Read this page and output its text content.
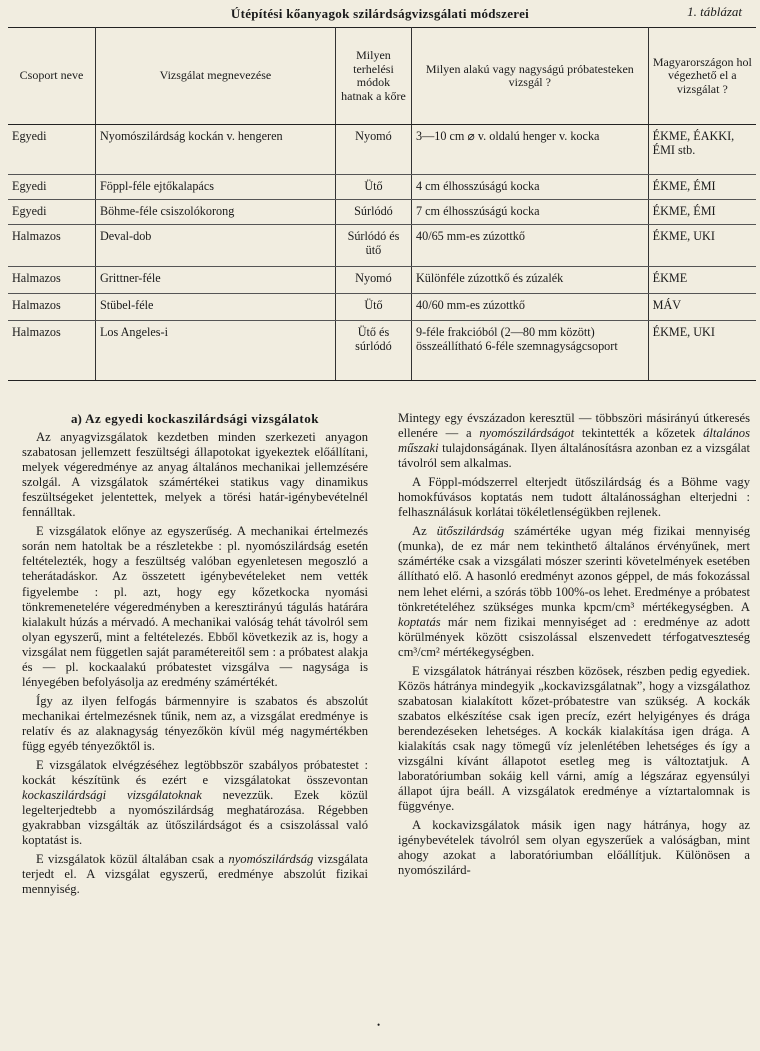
Útépítési kőanyagok szilárdságvizsgálati módszerei	1. táblázat
Csoport neve	Vizsgálat megnevezése	Milyen terhelési módok hatnak a kőre	Milyen alakú vagy nagyságú próbatesteken vizsgál ?	Magyarországon hol végezhető el a vizsgálat ?
Egyedi	Nyomószilárdság kockán v. hengeren	Nyomó	3—10 cm ⌀ v. oldalú henger v. kocka	ÉKME, ÉAKKI, ÉMI stb.
Egyedi	Föppl-féle ejtőkalapács	Ütő	4 cm élhosszúságú kocka	ÉKME, ÉMI
Egyedi	Böhme-féle csiszolókorong	Súrlódó	7 cm élhosszúságú kocka	ÉKME, ÉMI
Halmazos	Deval-dob	Súrlódó és ütő	40/65 mm-es zúzottkő	ÉKME, UKI
Halmazos	Grittner-féle	Nyomó	Különféle zúzottkő és zúzalék	ÉKME
Halmazos	Stübel-féle	Ütő	40/60 mm-es zúzottkő	MÁV
Halmazos	Los Angeles-i	Ütő és súrlódó	9-féle frakcióból (2—80 mm között) összeállítható 6-féle szemnagyságcsoport	ÉKME, UKI

a) Az egyedi kockaszilárdsági vizsgálatok

Az anyagvizsgálatok kezdetben minden szerkezeti anyagon szabatosan jellemzett feszültségi állapotokat igyekeztek előállítani, melyek végeredménye az anyag általános mechanikai jellemzésére szolgál. A vizsgálatok számértékei statikus vagy dinamikus feszültségeket jelentettek, melyek a törési határ-igénybevételnél fennálltak.

E vizsgálatok előnye az egyszerűség. A mechanikai értelmezés során nem hatoltak be a részletekbe : pl. nyomószilárdság esetén feltételezték, hogy a feszültség valóban egyenletesen megoszló a teherátadáskor. Az összetett igénybevételeket nem vették figyelembe : pl. azt, hogy egy kőzetkocka nyomási tönkremenetelére végeredményben a keresztirányú tágulás határára kialakult húzás a mérvadó. A mechanikai valóság tehát távolról sem olyan egyszerű, mint a feltételezés. Ebből következik az is, hogy a vizsgálat nem független saját paramétereitől sem : a próbatest alakja és — pl. kockaalakú próbatestet vizsgálva — nagysága is lényegében befolyásolja az eredmény számértékét.

Így az ilyen felfogás bármennyire is szabatos és abszolút mechanikai értelmezésnek tűnik, nem az, a vizsgálat eredménye is relatív és az alaknagyság tényezőkön kívül még nagymértékben függ egyéb tényezőktől is.

E vizsgálatok elvégzéséhez legtöbbször szabályos próbatestet : kockát készítünk és ezért e vizsgálatokat összevontan kockaszilárdsági vizsgálatoknak nevezzük. Ezek közül legelterjedtebb a nyomószilárdság meghatározása. Régebben gyakrabban vizsgálták az ütőszilárdságot és a csiszolással való koptatást is.

E vizsgálatok közül általában csak a nyomószilárdság vizsgálata terjedt el. A vizsgálat egyszerű, eredménye abszolút fizikai mennyiség.

Mintegy egy évszázadon keresztül — többszöri másirányú útkeresés ellenére — a nyomószilárdságot tekintették a kőzetek általános műszaki tulajdonságának. Ilyen általánosításra azonban ez a vizsgálat távolról sem alkalmas.

A Föppl-módszerrel elterjedt ütőszilárdság és a Böhme vagy homokfúvásos koptatás nem tudott általánossághan elterjedni : felhasználásuk korlátai tökéletlenségükben rejlenek.

Az ütőszilárdság számértéke ugyan még fizikai mennyiség (munka), de ez már nem tekinthető általános érvényűnek, mert számértéke csak a vizsgálati mószer szerinti követelmények esetében állítható elő. A hasonló eredményt azonos géppel, de más fokozással nem lehet elérni, a szórás több 100%-os lehet. Eredménye a próbatest tönkretételéhez szükséges munka kpcm/cm³ mértékegységben. A koptatás már nem fizikai mennyiséget ad : eredménye az adott körülmények között csiszolással elszenvedett térfogatveszteség cm³/cm² mértékegységben.

E vizsgálatok hátrányai részben közösek, részben pedig egyediek. Közös hátránya mindegyik „kockavizsgálatnak”, hogy a vizsgálathoz szabatosan kialakított kőzet-próbatestre van szükség. A kockák szabatos elkészítése csak igen precíz, ezért helyigényes és drága berendezéseken lehetséges. A kockák kialakítása igen drága. A kialakítás csak nagy tömegű víz jelenlétében lehetséges és így a vizsgálni kívánt állapotot esetleg meg is változtatjuk. A laboratóriumban sokáig kell várni, amíg a légszáraz egyensúlyi állapot újra beáll. A vizsgálatok eredménye a víztartalomnak is függvénye.

A kockavizsgálatok másik igen nagy hátránya, hogy az igénybevételek távolról sem olyan egyszerűek a valóságban, mint ahogy azokat a laboratóriumban előállítjuk. Különösen a nyomószilárd-

•
